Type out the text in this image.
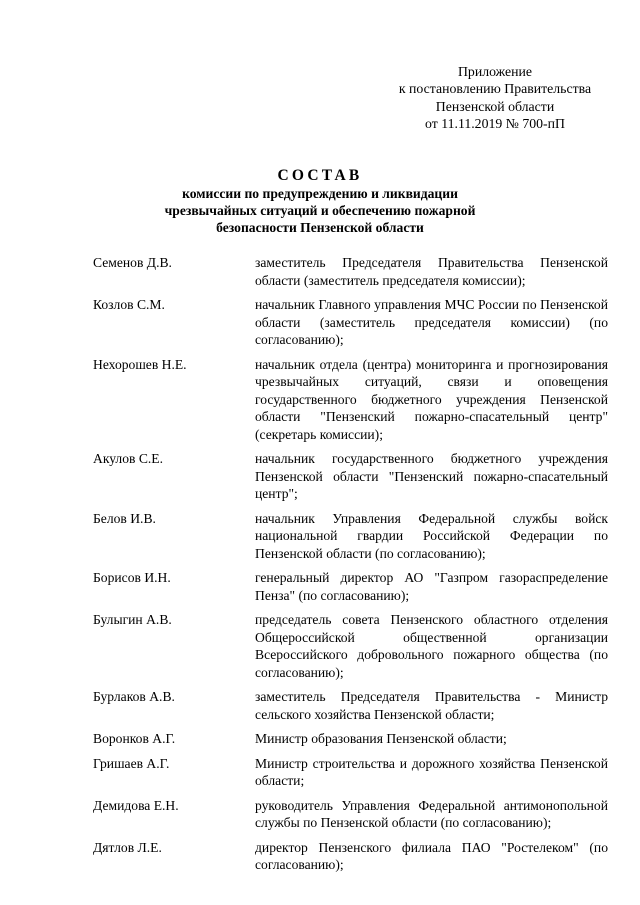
Приложение
к постановлению Правительства
Пензенской области
от 11.11.2019 № 700-пП
СОСТАВ
комиссии по предупреждению и ликвидации
чрезвычайных ситуаций и обеспечению пожарной
безопасности Пензенской области
Семенов Д.В.	заместитель Председателя Правительства Пензенской области (заместитель председателя комиссии);
Козлов С.М.	начальник Главного управления МЧС России по Пензенской области (заместитель председателя комиссии) (по согласованию);
Нехорошев Н.Е.	начальник отдела (центра) мониторинга и прогнозирования чрезвычайных ситуаций, связи и оповещения государственного бюджетного учреждения Пензенской области "Пензенский пожарно-спасательный центр" (секретарь комиссии);
Акулов С.Е.	начальник государственного бюджетного учреждения Пензенской области "Пензенский пожарно-спасательный центр";
Белов И.В.	начальник Управления Федеральной службы войск национальной гвардии Российской Федерации по Пензенской области (по согласованию);
Борисов И.Н.	генеральный директор АО "Газпром газораспределение Пенза" (по согласованию);
Булыгин А.В.	председатель совета Пензенского областного отделения Общероссийской общественной организации Всероссийского добровольного пожарного общества (по согласованию);
Бурлаков А.В.	заместитель Председателя Правительства - Министр сельского хозяйства Пензенской области;
Воронков А.Г.	Министр образования Пензенской области;
Гришаев А.Г.	Министр строительства и дорожного хозяйства Пензенской области;
Демидова Е.Н.	руководитель Управления Федеральной антимонопольной службы по Пензенской области (по согласованию);
Дятлов Л.Е.	директор Пензенского филиала ПАО "Ростелеком" (по согласованию);
